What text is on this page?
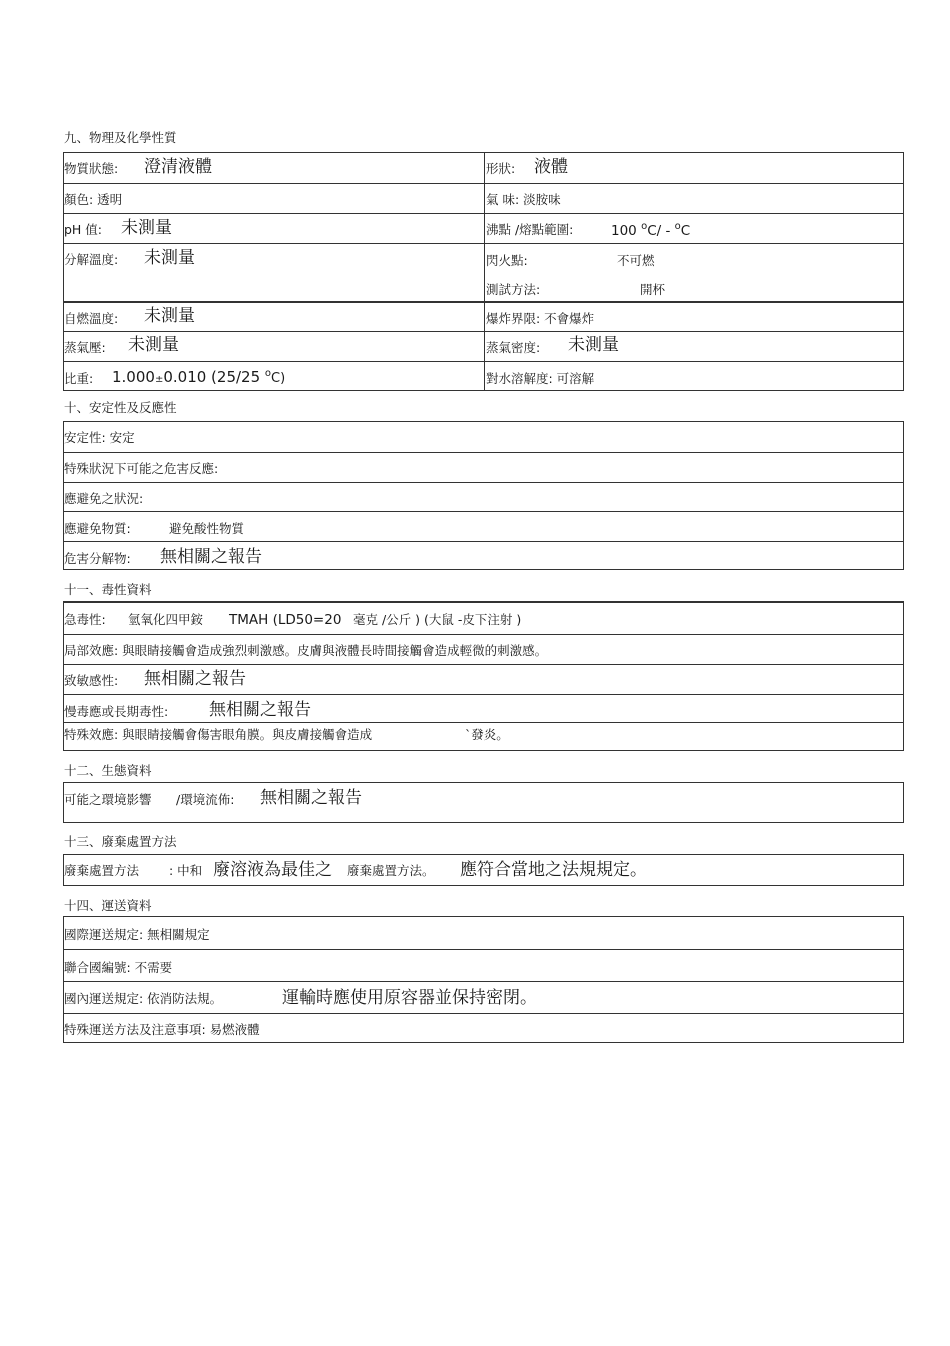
九、物理及化學性質
物質狀態: 澄清液體	形狀: 液體
顏色: 透明	氣 味: 淡胺味
pH 值: 未測量	沸點 /熔點範圍:	100 $^o$C/ - $^o$C
分解溫度: 未測量	閃火點:	不可燃
測試方法:	開杯
自燃溫度: 未測量	爆炸界限: 不會爆炸
蒸氣壓: 未測量	蒸氣密度: 未測量
比重: 1.000±0.010 (25/25 $^o$C)	對水溶解度: 可溶解
十、安定性及反應性
安定性: 安定
特殊狀況下可能之危害反應:
應避免之狀況:
應避免物質:	避免酸性物質
危害分解物: 無相關之報告
十一、毒性資料
急毒性: 氫氧化四甲銨 TMAH (LD50=20 毫克 /公斤 ) (大鼠 -皮下注射 )
局部效應: 與眼睛接觸會造成強烈刺激感。皮膚與液體長時間接觸會造成輕微的刺激感。
致敏感性: 無相關之報告
慢毒應或長期毒性: 無相關之報告
特殊效應: 與眼睛接觸會傷害眼角膜。與皮膚接觸會造成	`發炎。
十二、生態資料
可能之環境影響 /環境流佈: 無相關之報告
十三、廢棄處置方法
廢棄處置方法 : 中和 廢溶液為最佳之 廢棄處置方法。 應符合當地之法規規定。
十四、運送資料
國際運送規定: 無相關規定
聯合國編號: 不需要
國內運送規定: 依消防法規。	運輸時應使用原容器並保持密閉。
特殊運送方法及注意事項: 易燃液體
